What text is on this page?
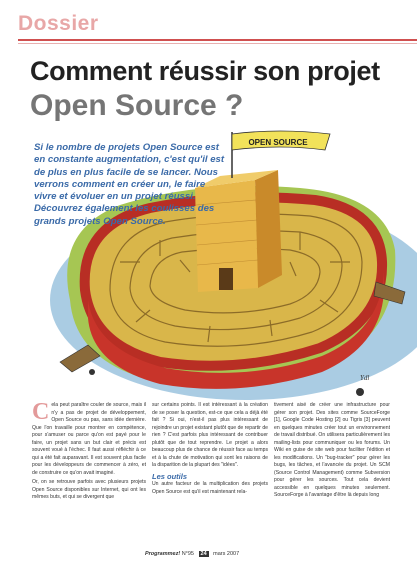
Dossier
Comment réussir son projet
Open Source ?
OPEN SOURCE
Ydl
Si le nombre de projets Open Source est en constante augmentation, c'est qu'il est de plus en plus facile de se lancer. Nous verrons comment en créer un, le faire vivre et évoluer en un projet réussi. Découvrez également les coulisses des grands projets Open Source.
C ela peut paraître couler de source, mais il n'y a pas de projet de développement, Open Source ou pas, sans idée dernière. Que l'on travaille pour montrer en compétence, pour s'amuser ou parce qu'on est payé pour le faire, un projet sans un but clair et précis est souvent voué à l'échec. Il faut aussi réfléchir à ce qui a été fait auparavant. Il est souvent plus facile pour les développeurs de commencer à zéro, et de construire ce qu'on avait imaginé.

Or, on se retrouve parfois avec plusieurs projets Open Source disponibles sur Internet, qui ont les mêmes buts, et qui se divergent que

sur certains points. Il est intéressant à la création de se poser la question, est-ce que cela a déjà été fait ? Si oui, n'est-il pas plus intéressant de rejoindre un projet existant plutôt que de repartir de rien ? C'est parfois plus intéressant de contribuer plutôt que de tout reprendre. Le projet a alors beaucoup plus de chance de réussir face au temps et à la chute de motivation qui sont les raisons de la disparition de la plupart des "idées".

Les outils

Un autre facteur de la multiplication des projets Open Source est qu'il est maintenant rela-

tivement aisé de créer une infrastructure pour gérer son projet. Des sites comme SourceForge [1], Google Code Hosting [2] ou Tigris [3] peuvent en quelques minutes créer tout un environnement de travail distribué. On utilisera particulièrement les mailing-lists pour communiquer ou les forums. Un Wiki en guise de site web pour faciliter l'édition et les modifications. Un "bug-tracker" pour gérer les bugs, les tâches, et l'avancée du projet. Un SCM (Source Control Management) comme Subversion pour gérer les sources. Tout cela devient accessible en quelques minutes seulement. SourceForge à l'avantage d'être là depuis long

Programmez! N°95 24 mars 2007
